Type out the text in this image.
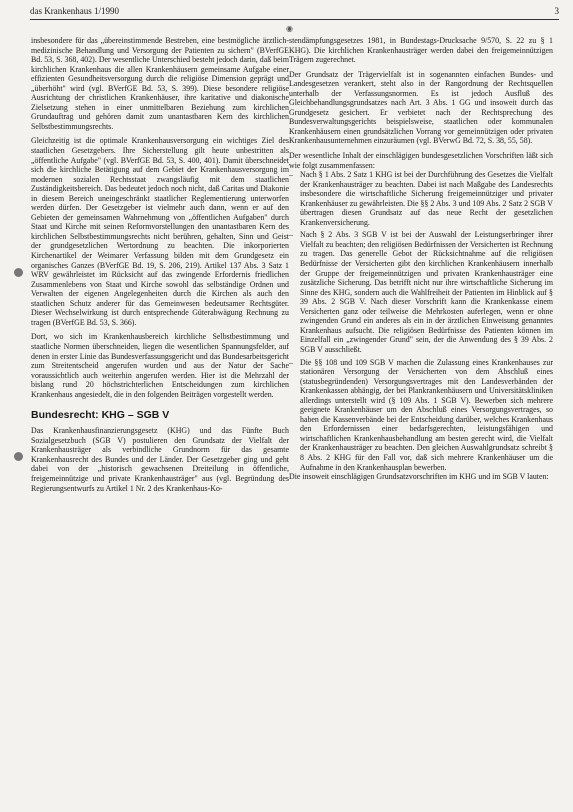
das Krankenhaus 1/1990	3
◉

insbesondere für das „übereinstimmende Bestreben, eine bestmögliche ärztlich-medizinische Behandlung und Versorgung der Patienten zu sichern" (BVerfGE Bd. 53, S. 368, 402). Der wesentliche Unterschied besteht jedoch darin, daß beim kirchlichen Krankenhaus die allen Krankenhäusern gemeinsame Aufgabe einer effizienten Gesundheitsversorgung durch die religiöse Dimension geprägt und „überhöht" wird (vgl. BVerfGE Bd. 53, S. 399). Diese besondere religiöse Ausrichtung der christlichen Krankenhäuser, ihre karitative und diakonische Zielsetzung stehen in einer unmittelbaren Beziehung zum kirchlichen Grundauftrag und gehören damit zum unantastbaren Kern des kirchlichen Selbstbestimmungsrechts.

Gleichzeitig ist die optimale Krankenhausversorgung ein wichtiges Ziel des staatlichen Gesetzgebers. Ihre Sicherstellung gilt heute unbestritten als „öffentliche Aufgabe" (vgl. BVerfGE Bd. 53, S. 400, 401). Damit überschneidet sich die kirchliche Betätigung auf dem Gebiet der Krankenhausversorgung im modernen sozialen Rechtsstaat zwangsläufig mit dem staatlichen Zuständigkeitsbereich. Das bedeutet jedoch noch nicht, daß Caritas und Diakonie in diesem Bereich uneingeschränkt staatlicher Reglementierung unterworfen werden dürfen. Der Gesetzgeber ist vielmehr auch dann, wenn er auf den Gebieten der gemeinsamen Wahrnehmung von „öffentlichen Aufgaben" durch Staat und Kirche mit seinen Reformvorstellungen den unantastbaren Kern des kirchlichen Selbstbestimmungsrechts nicht berühren, gehalten, Sinn und Geist der grundgesetzlichen Wertordnung zu beachten. Die inkorporierten Kirchenartikel der Weimarer Verfassung bilden mit dem Grundgesetz ein organisches Ganzes (BVerfGE Bd. 19, S. 206, 219). Artikel 137 Abs. 3 Satz 1 WRV gewährleistet im Rücksicht auf das zwingende Erfordernis friedlichen Zusammenlebens von Staat und Kirche sowohl das selbständige Ordnen und Verwalten der eigenen Angelegenheiten durch die Kirchen als auch den staatlichen Schutz anderer für das Gemeinwesen bedeutsamer Rechtsgüter. Dieser Wechselwirkung ist durch entsprechende Güterabwägung Rechnung zu tragen (BVerfGE Bd. 53, S. 366).

Dort, wo sich im Krankenhausbereich kirchliche Selbstbestimmung und staatliche Normen überschneiden, liegen die wesentlichen Spannungsfelder, auf denen in erster Linie das Bundesverfassungsgericht und das Bundesarbeitsgericht zum Streitentscheid angerufen wurden und aus der Natur der Sache voraussichtlich auch weiterhin angerufen werden. Hier ist die Mehrzahl der bislang rund 20 höchstrichterlichen Entscheidungen zum kirchlichen Krankenhaus angesiedelt, die in den folgenden Beiträgen vorgestellt werden.

Bundesrecht: KHG – SGB V

Das Krankenhausfinanzierungsgesetz (KHG) und das Fünfte Buch Sozialgesetzbuch (SGB V) postulieren den Grundsatz der Vielfalt der Krankenhausträger als verbindliche Grundnorm für das gesamte Krankenhausrecht des Bundes und der Länder. Der Gesetzgeber ging und geht dabei von der „historisch gewachsenen Dreiteilung in öffentliche, freigemeinnützige und private Krankenhausträger" aus (vgl. Begründung des Regierungsentwurfs zu Artikel 1 Nr. 2 des Krankenhaus-Ko-

stendämpfungsgesetzes 1981, in Bundestags-Drucksache 9/570, S. 22 zu § 1 KHG). Die kirchlichen Krankenhausträger werden dabei den freigemeinnützigen Trägern zugerechnet.

Der Grundsatz der Trägervielfalt ist in sogenannten einfachen Bundes- und Landesgesetzen verankert, steht also in der Rangordnung der Rechtsquellen unterhalb der Verfassungsnormen. Es ist jedoch Ausfluß des Gleichbehandlungsgrundsatzes nach Art. 3 Abs. 1 GG und insoweit durch das Grundgesetz gesichert. Er verbietet nach der Rechtsprechung des Bundesverwaltungsgerichts beispielsweise, staatlichen oder kommunalen Krankenhäusern einen grundsätzlichen Vorrang vor gemeinnützigen oder privaten Krankenhausunternehmen einzuräumen (vgl. BVerwG Bd. 72, S. 38, 55, 58).

Der wesentliche Inhalt der einschlägigen bundesgesetzlichen Vorschriften läßt sich wie folgt zusammenfassen:

– Nach § 1 Abs. 2 Satz 1 KHG ist bei der Durchführung des Gesetzes die Vielfalt der Krankenhausträger zu beachten. Dabei ist nach Maßgabe des Landesrechts insbesondere die wirtschaftliche Sicherung freigemeinnütziger und privater Krankenhäuser zu gewährleisten. Die §§ 2 Abs. 3 und 109 Abs. 2 Satz 2 SGB V übertragen diesen Grundsatz auf das neue Recht der gesetzlichen Krankenversicherung.
– Nach § 2 Abs. 3 SGB V ist bei der Auswahl der Leistungserbringer ihrer Vielfalt zu beachten; den religiösen Bedürfnissen der Versicherten ist Rechnung zu tragen. Das generelle Gebot der Rücksichtnahme auf die religiösen Bedürfnisse der Versicherten gibt den kirchlichen Krankenhäusern innerhalb der Gruppe der freigemeinnützigen und privaten Krankenhausträger eine zusätzliche Sicherung. Das betrifft nicht nur ihre wirtschaftliche Sicherung im Sinne des KHG, sondern auch die Wahlfreiheit der Patienten im Hinblick auf § 39 Abs. 2 SGB V. Nach dieser Vorschrift kann die Krankenkasse einem Versicherten ganz oder teilweise die Mehrkosten auferlegen, wenn er ohne zwingenden Grund ein anderes als ein in der ärztlichen Einweisung genanntes Krankenhaus aufsucht. Die religiösen Bedürfnisse des Patienten können im Einzelfall ein „zwingender Grund" sein, der die Anwendung des § 39 Abs. 2 SGB V ausschließt.
– Die §§ 108 und 109 SGB V machen die Zulassung eines Krankenhauses zur stationären Versorgung der Versicherten von dem Abschluß eines (statusbegründenden) Versorgungsvertrages mit den Landesverbänden der Krankenkassen abhängig, der bei Plankrankenhäusern und Universitätskliniken allerdings unterstellt wird (§ 109 Abs. 1 SGB V). Bewerben sich mehrere geeignete Krankenhäuser um den Abschluß eines Versorgungsvertrages, so haben die Kassenverbände bei der Entscheidung darüber, welches Krankenhaus den Erfordernissen einer bedarfsgerechten, leistungsfähigen und wirtschaftlichen Krankenhausbehandlung am besten gerecht wird, die Vielfalt der Krankenhausträger zu beachten. Den gleichen Auswahlgrundsatz schreibt § 8 Abs. 2 KHG für den Fall vor, daß sich mehrere Krankenhäuser um die Aufnahme in den Krankenhausplan bewerben.

Die insoweit einschlägigen Grundsatzvorschriften im KHG und im SGB V lauten:
